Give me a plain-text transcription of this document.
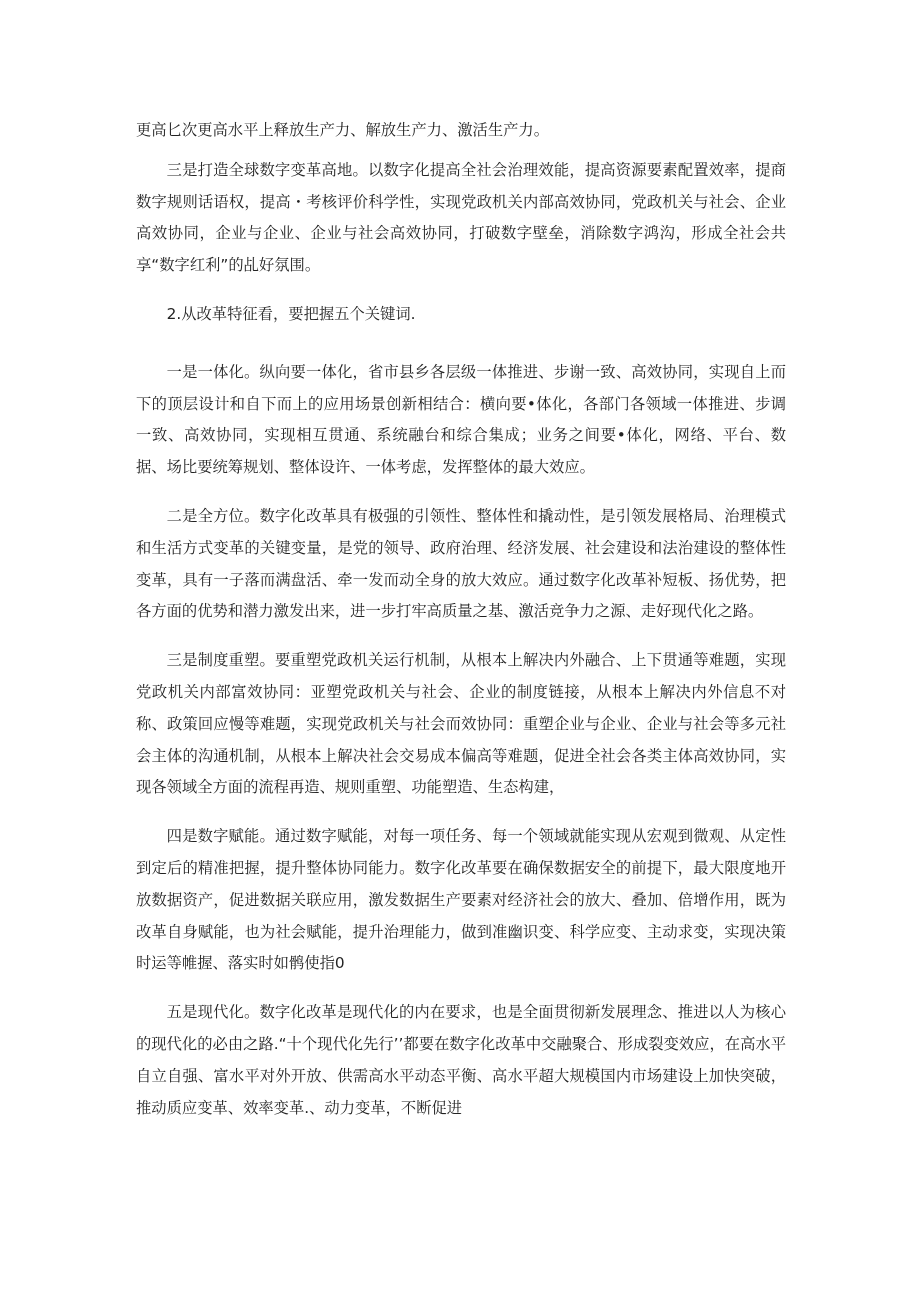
更高匕次更高水平上释放生产力、解放生产力、激活生产力。

三是打造全球数字变革高地。以数字化提高全社会治理效能，提高资源要素配置效率，提商数字规则话语权，提高・考核评价科学性，实现党政机关内部高效协同，党政机关与社会、企业高效协同，企业与企业、企业与社会高效协同，打破数字壁垒，消除数字鸿沟，形成全社会共享“数字红利”的乩好氛围。

2.从改革特征看，要把握五个关键词.

一是一体化。纵向要一体化，省市县乡各层级一体推进、步谢一致、高效协同，实现自上而下的顶层设计和自下而上的应用场景创新相结合：横向要•体化，各部门各领域一体推进、步调一致、高效协同，实现相互贯通、系统融台和综合集成；业务之间要•体化，网络、平台、数据、场比要统筹规划、整体设许、一体考虑，发挥整体的最大效应。

二是全方位。数字化改革具有极强的引领性、整体性和撬动性，是引领发展格局、治理模式和生活方式变革的关键变量，是党的领导、政府治理、经济发展、社会建设和法治建设的整体性变革，具有一子落而满盘活、牵一发而动全身的放大效应。通过数字化改革补短板、扬优势，把各方面的优势和潜力激发出来，进一步打牢高质量之基、激活竞争力之源、走好现代化之路。

三是制度重塑。要重塑党政机关运行机制，从根本上解决内外融合、上下贯通等难题，实现党政机关内部富效协同：亚塑党政机关与社会、企业的制度链接，从根本上解决内外信息不对称、政策回应慢等难题，实现党政机关与社会而效协同：重塑企业与企业、企业与社会等多元社会主体的沟通机制，从根本上解决社会交易成本偏高等难题，促进全社会各类主体高效协同，实现各领域全方面的流程再造、规则重塑、功能塑造、生态构建，

四是数字赋能。通过数字赋能，对每一项任务、每一个领域就能实现从宏观到微观、从定性到定后的精准把握，提升整体协同能力。数字化改革要在确保数据安全的前提下，最大限度地开放数据资产，促进数据关联应用，激发数据生产要素对经济社会的放大、叠加、倍增作用，既为改革自身赋能，也为社会赋能，提升治理能力，做到准幽识变、科学应变、主动求变，实现决策时运等帷握、落实时如鹘使指0

五是现代化。数字化改革是现代化的内在要求，也是全面贯彻新发展理念、推进以人为核心的现代化的必由之路.“十个现代化先行’’都要在数字化改革中交融聚合、形成裂变效应，在高水平自立自强、富水平对外开放、供需高水平动态平衡、高水平超大规模国内市场建设上加快突破，推动质应变革、效率变革.、动力变革，不断促进
